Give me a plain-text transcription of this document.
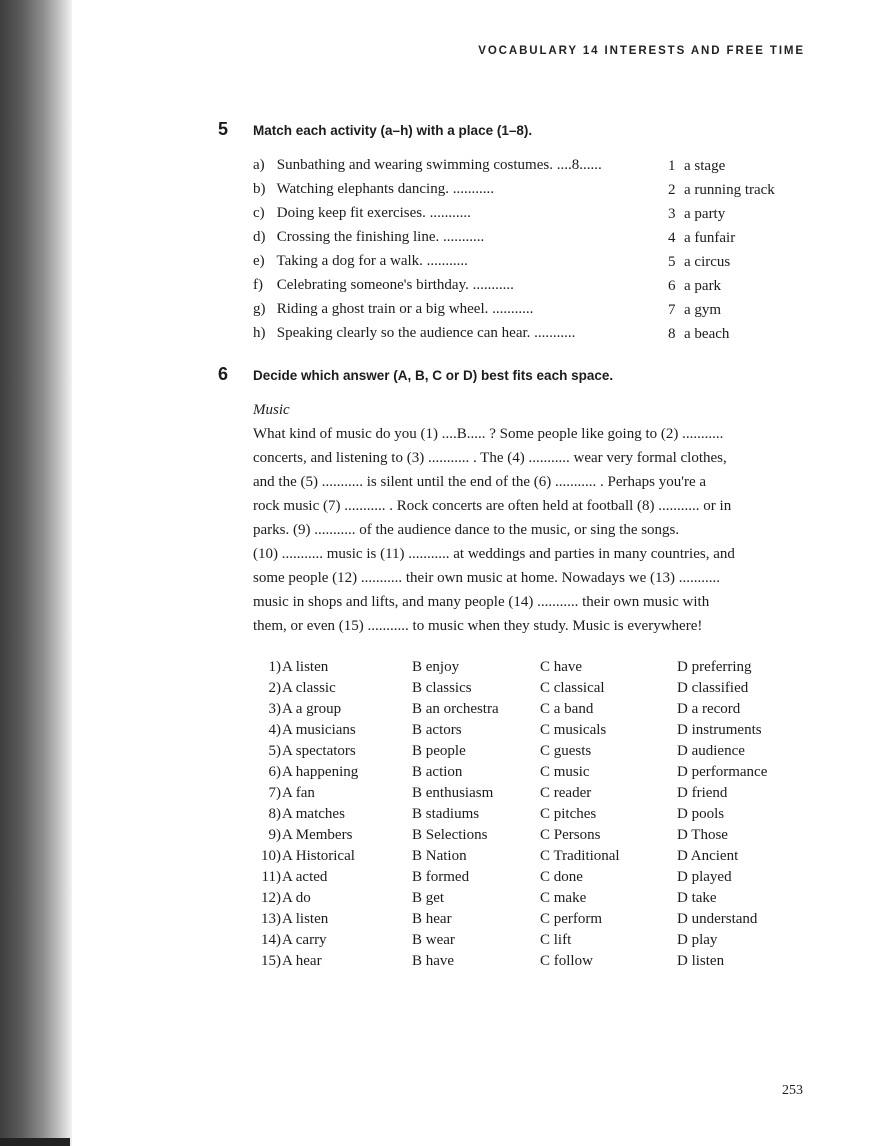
VOCABULARY 14 INTERESTS AND FREE TIME
5 Match each activity (a–h) with a place (1–8).
a) Sunbathing and wearing swimming costumes. ....8......
b) Watching elephants dancing. ...........
c) Doing keep fit exercises. ...........
d) Crossing the finishing line. ...........
e) Taking a dog for a walk. ...........
f) Celebrating someone's birthday. ...........
g) Riding a ghost train or a big wheel. ...........
h) Speaking clearly so the audience can hear. ...........
1 a stage
2 a running track
3 a party
4 a funfair
5 a circus
6 a park
7 a gym
8 a beach
6 Decide which answer (A, B, C or D) best fits each space.
Music
What kind of music do you (1) ....B..... ? Some people like going to (2) ...........
concerts, and listening to (3) ........... . The (4) ........... wear very formal clothes,
and the (5) ........... is silent until the end of the (6) ........... . Perhaps you're a
rock music (7) ........... . Rock concerts are often held at football (8) ........... or in
parks. (9) ........... of the audience dance to the music, or sing the songs.
(10) ........... music is (11) ........... at weddings and parties in many countries, and
some people (12) ........... their own music at home. Nowadays we (13) ...........
music in shops and lifts, and many people (14) ........... their own music with
them, or even (15) ........... to music when they study. Music is everywhere!
1) A listen	B enjoy	C have	D preferring
2) A classic	B classics	C classical	D classified
3) A a group	B an orchestra	C a band	D a record
4) A musicians	B actors	C musicals	D instruments
5) A spectators	B people	C guests	D audience
6) A happening	B action	C music	D performance
7) A fan	B enthusiasm	C reader	D friend
8) A matches	B stadiums	C pitches	D pools
9) A Members	B Selections	C Persons	D Those
10) A Historical	B Nation	C Traditional	D Ancient
11) A acted	B formed	C done	D played
12) A do	B get	C make	D take
13) A listen	B hear	C perform	D understand
14) A carry	B wear	C lift	D play
15) A hear	B have	C follow	D listen
253
